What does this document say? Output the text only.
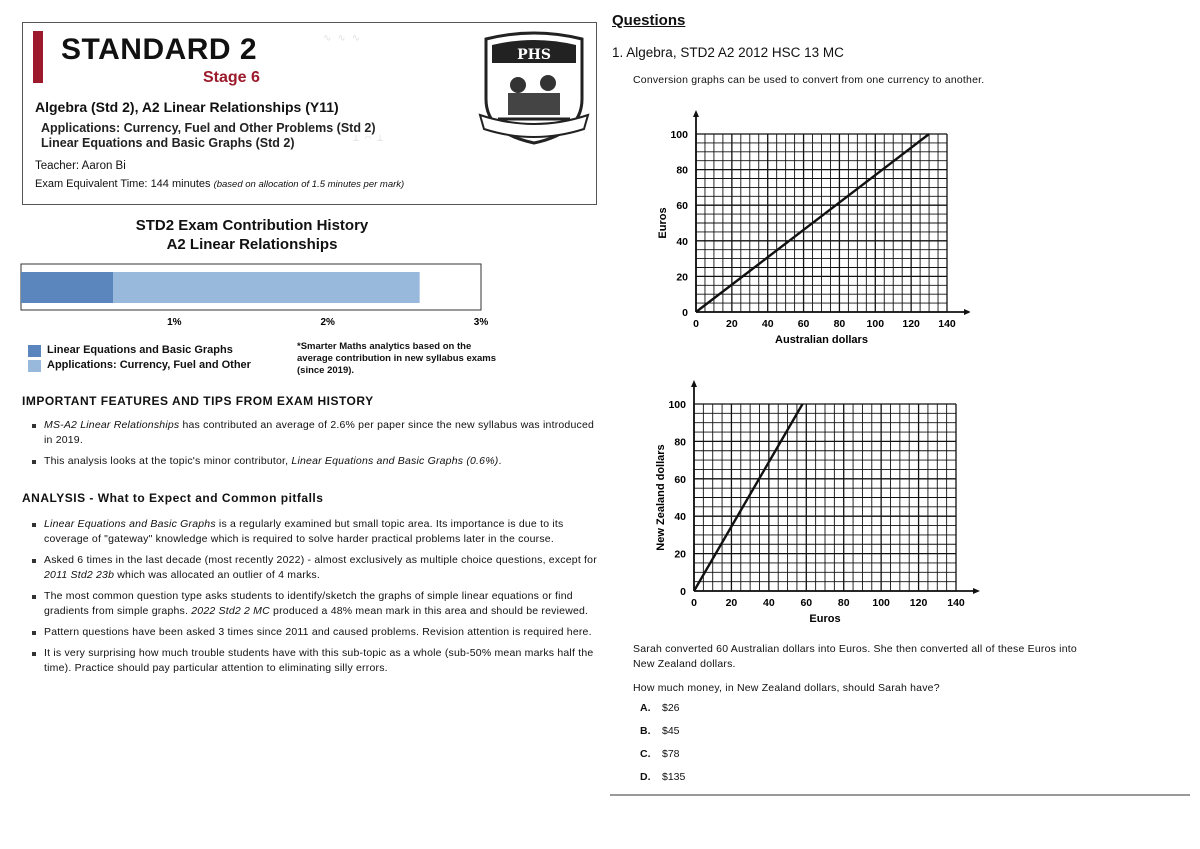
∿ ∿ ∿
⊥ ⌒ ⊥
STANDARD 2
Stage 6
Algebra (Std 2), A2 Linear Relationships (Y11)
Applications: Currency, Fuel and Other Problems (Std 2)
Linear Equations and Basic Graphs (Std 2)
Teacher: Aaron Bi
Exam Equivalent Time: 144 minutes (based on allocation of 1.5 minutes per mark)
PHS
STD2 Exam Contribution History
A2 Linear Relationships
1%	2%	3%
Linear Equations and Basic Graphs
Applications: Currency, Fuel and Other
*Smarter Maths analytics based on the average contribution in new syllabus exams (since 2019).
IMPORTANT FEATURES AND TIPS FROM EXAM HISTORY
MS-A2 Linear Relationships has contributed an average of 2.6% per paper since the new syllabus was introduced in 2019.
This analysis looks at the topic's minor contributor, Linear Equations and Basic Graphs (0.6%).
ANALYSIS - What to Expect and Common pitfalls
Linear Equations and Basic Graphs is a regularly examined but small topic area. Its importance is due to its coverage of "gateway" knowledge which is required to solve harder practical problems later in the course.
Asked 6 times in the last decade (most recently 2022) - almost exclusively as multiple choice questions, except for 2011 Std2 23b which was allocated an outlier of 4 marks.
The most common question type asks students to identify/sketch the graphs of simple linear equations or find gradients from simple graphs. 2022 Std2 2 MC produced a 48% mean mark in this area and should be reviewed.
Pattern questions have been asked 3 times since 2011 and caused problems. Revision attention is required here.
It is very surprising how much trouble students have with this sub-topic as a whole (sub-50% mean marks half the time). Practice should pay particular attention to eliminating silly errors.
Questions
1. Algebra, STD2 A2 2012 HSC 13 MC
Conversion graphs can be used to convert from one currency to another.
0	20 40 60 80 100 120 140
0
20
40
60
80
100
Australian dollars
Euros
0	20 40 60 80 100 120 140
0
20
40
60
80
100
Euros
New Zealand dollars
Sarah converted 60 Australian dollars into Euros. She then converted all of these Euros into New Zealand dollars.
How much money, in New Zealand dollars, should Sarah have?
A. $26
B. $45
C. $78
D. $135
